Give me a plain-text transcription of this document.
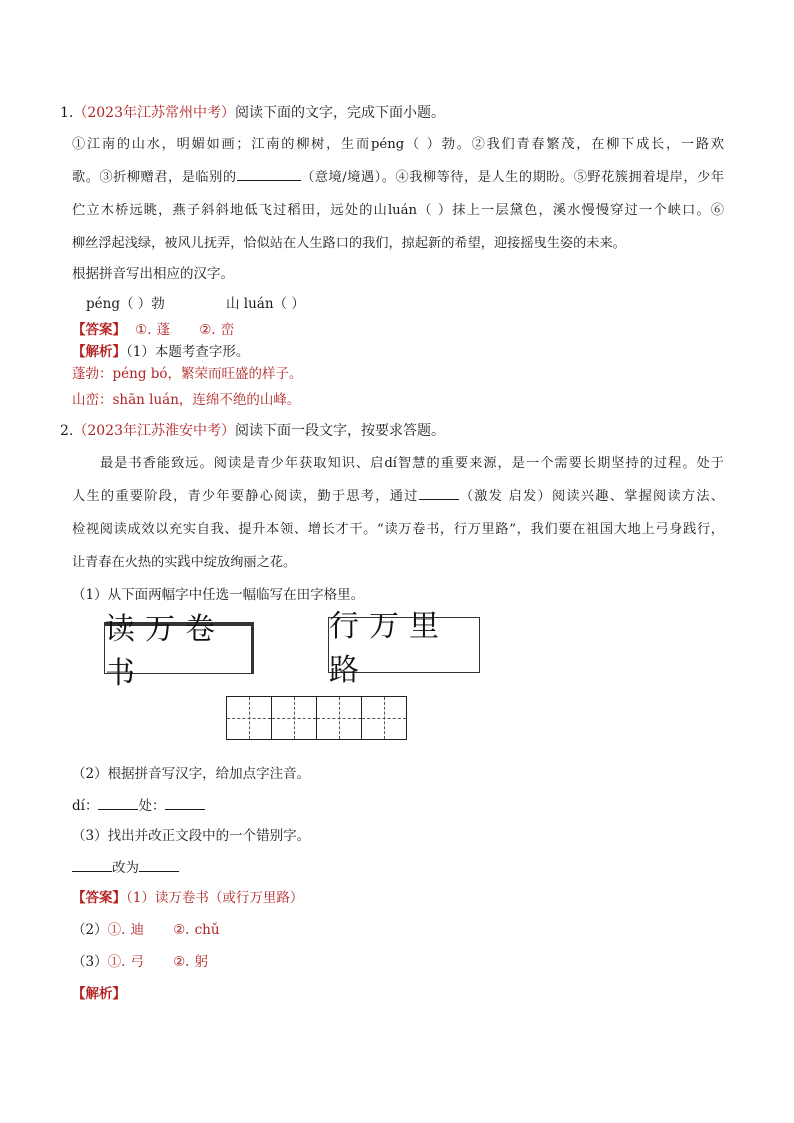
1.（2023年江苏常州中考）阅读下面的文字，完成下面小题。
①江南的山水，明媚如画；江南的柳树，生而péng（ ）勃。②我们青春繁茂，在柳下成长，一路欢
歌。③折柳赠君，是临别的	（意境/境遇）。④我柳等待，是人生的期盼。⑤野花簇拥着堤岸，少年
伫立木桥远眺，燕子斜斜地低飞过稻田，远处的山luán（ ）抹上一层黛色，溪水慢慢穿过一个峡口。⑥
柳丝浮起浅绿，被风儿抚弄，恰似站在人生路口的我们，掠起新的希望，迎接摇曳生姿的未来。
根据拼音写出相应的汉字。
péng（ ）勃	山 luán（ ）
【答案】 ①. 蓬 ②. 峦
【解析】（1）本题考查字形。
蓬勃：péng bó，繁荣而旺盛的样子。
山峦：shān luán，连绵不绝的山峰。
2.（2023年江苏淮安中考）阅读下面一段文字，按要求答题。
最是书香能致远。阅读是青少年获取知识、启dí智慧的重要来源，是一个需要长期坚持的过程。处于
人生的重要阶段，青少年要静心阅读，勤于思考，通过	（激发 启发）阅读兴趣、掌握阅读方法、
检视阅读成效以充实自我、提升本领、增长才干。“读万卷书，行万里路”，我们要在祖国大地上弓身践行，
让青春在火热的实践中绽放绚丽之花。
（1）从下面两幅字中任选一幅临写在田字格里。
读万卷书
行万里路
（2）根据拼音写汉字，给加点字注音。
dí：	处：
（3）找出并改正文段中的一个错别字。
改为
【答案】（1）读万卷书（或行万里路）
（2）①. 迪 ②. chǔ
（3）①. 弓 ②. 躬
【解析】
